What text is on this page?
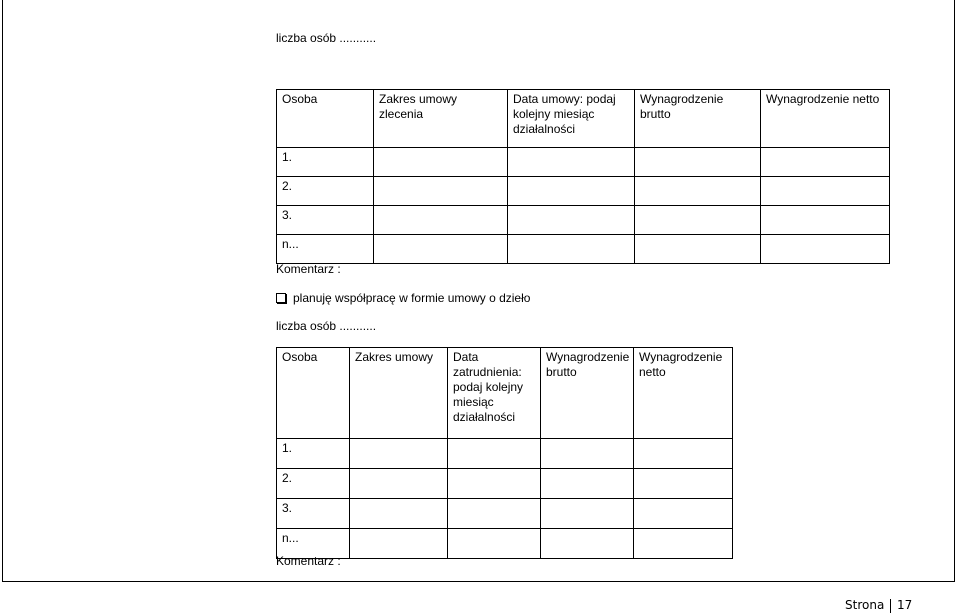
liczba osób ...........
Osoba	Zakres umowy zlecenia	Data umowy: podaj kolejny miesiąc działalności	Wynagrodzenie brutto	Wynagrodzenie netto
1.				
2.				
3.				
n...				
Komentarz :
planuję współpracę w formie umowy o dzieło
liczba osób ...........
Osoba	Zakres umowy	Data zatrudnienia: podaj kolejny miesiąc działalności	Wynagrodzenie brutto	Wynagrodzenie netto
1.				
2.				
3.				
n...				
Komentarz :
Strona 17
